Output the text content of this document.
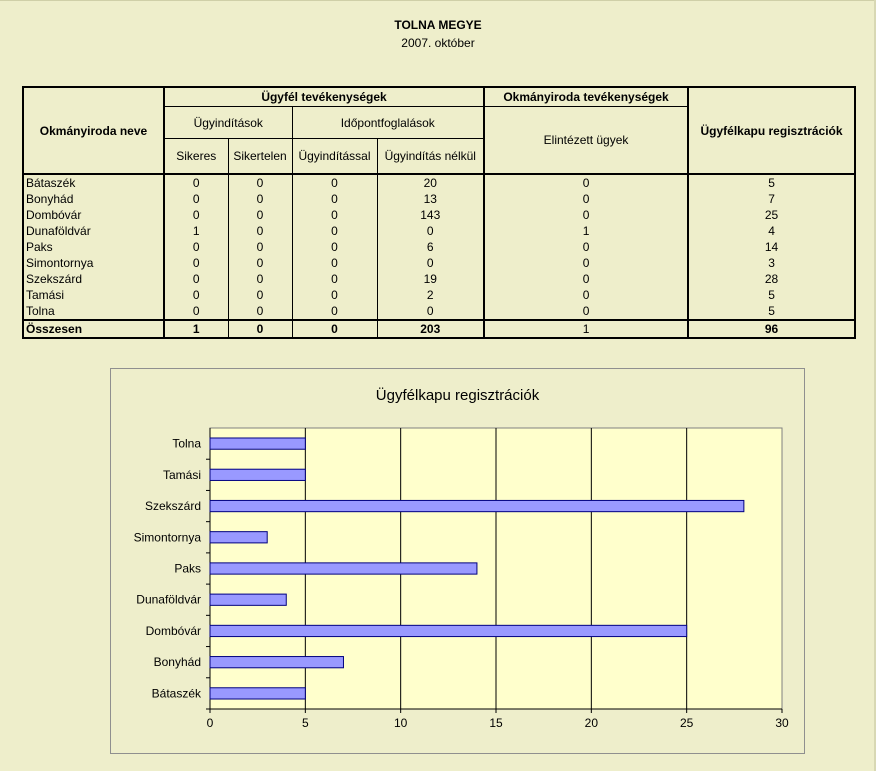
TOLNA MEGYE
2007. október
Okmányiroda neve	Ügyfél tevékenységek				Okmányiroda tevékenységek	Ügyfélkapu regisztrációk
	Ügyindítások		Időpontfoglalások		Elintézett ügyek	
	Sikeres	Sikertelen	Ügyindítással	Ügyindítás nélkül		
Bátaszék	0	0	0	20	0	5
Bonyhád	0	0	0	13	0	7
Dombóvár	0	0	0	143	0	25
Dunaföldvár	1	0	0	0	1	4
Paks	0	0	0	6	0	14
Simontornya	0	0	0	0	0	3
Szekszárd	0	0	0	19	0	28
Tamási	0	0	0	2	0	5
Tolna	0	0	0	0	0	5
Összesen	1	0	0	203	1	96
Ügyfélkapu regisztrációk
0	5	10	15	20	25	30
Bátaszék
Bonyhád
Dombóvár
Dunaföldvár
Paks
Simontornya
Szekszárd
Tamási
Tolna
